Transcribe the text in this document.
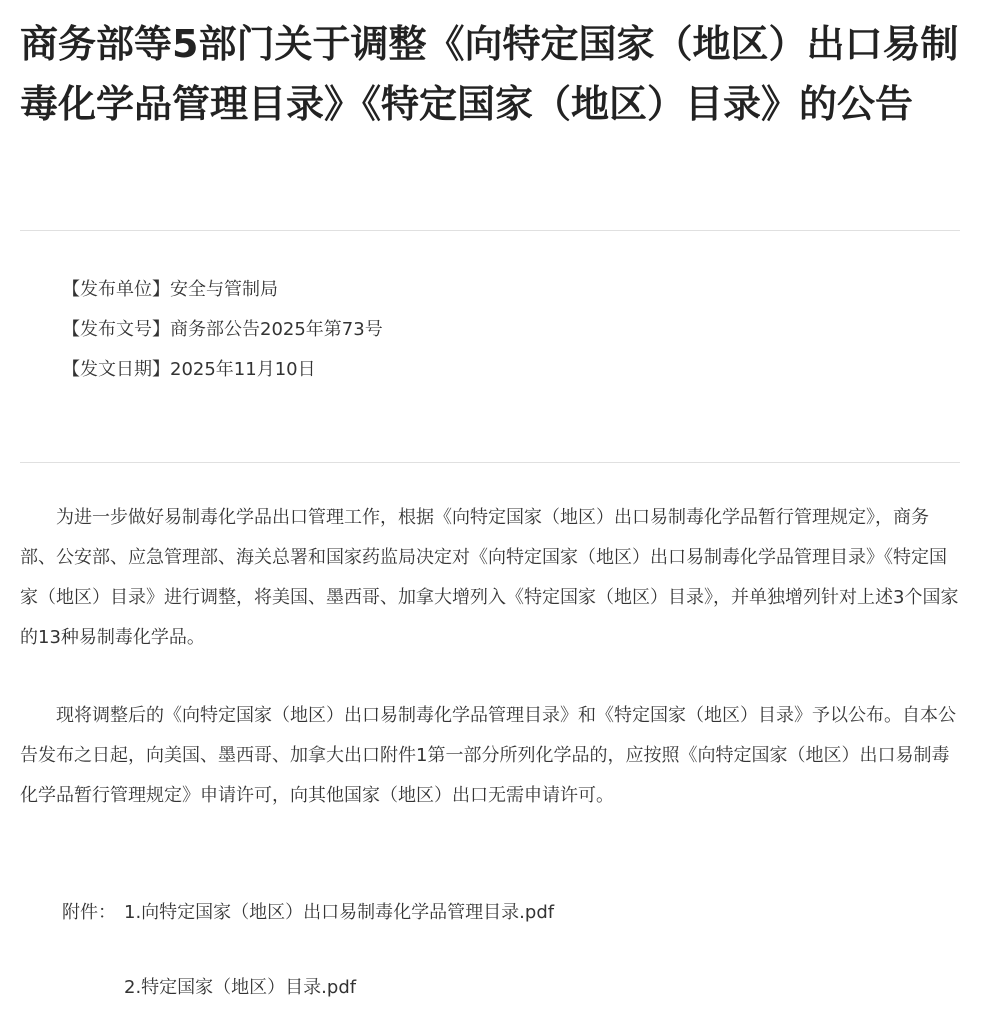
商务部等5部门关于调整《向特定国家（地区）出口易制毒化学品管理目录》《特定国家（地区）目录》的公告
【发布单位】安全与管制局
【发布文号】商务部公告2025年第73号
【发文日期】2025年11月10日

为进一步做好易制毒化学品出口管理工作，根据《向特定国家（地区）出口易制毒化学品暂行管理规定》，商务部、公安部、应急管理部、海关总署和国家药监局决定对《向特定国家（地区）出口易制毒化学品管理目录》《特定国家（地区）目录》进行调整，将美国、墨西哥、加拿大增列入《特定国家（地区）目录》，并单独增列针对上述3个国家的13种易制毒化学品。

现将调整后的《向特定国家（地区）出口易制毒化学品管理目录》和《特定国家（地区）目录》予以公布。自本公告发布之日起，向美国、墨西哥、加拿大出口附件1第一部分所列化学品的，应按照《向特定国家（地区）出口易制毒化学品暂行管理规定》申请许可，向其他国家（地区）出口无需申请许可。

附件： 1.向特定国家（地区）出口易制毒化学品管理目录.pdf
2.特定国家（地区）目录.pdf
